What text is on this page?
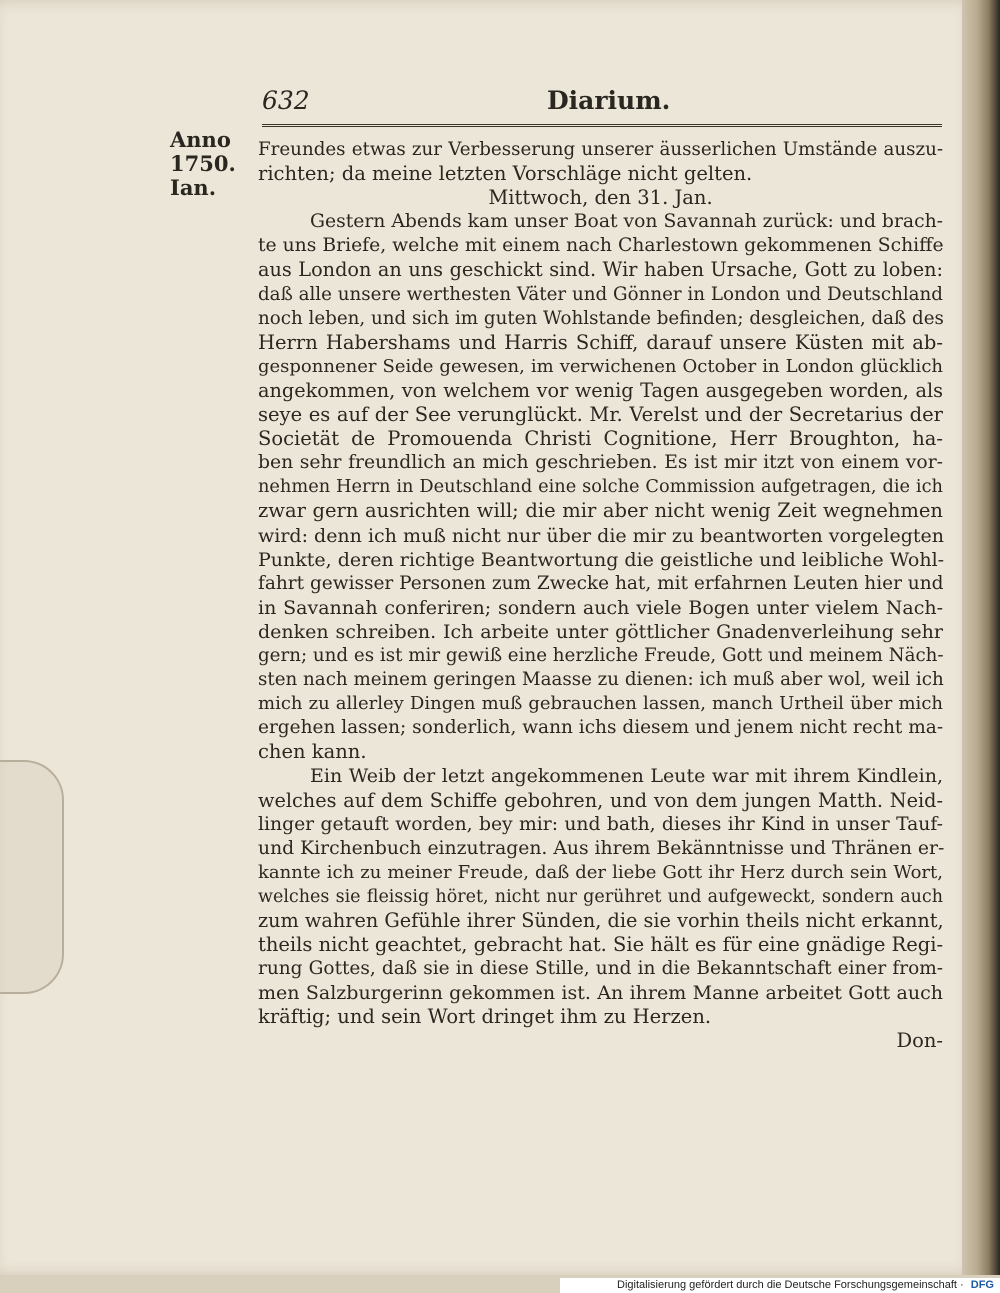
632	Diarium.
Anno
1750.
Ian.
Freundes etwas zur Verbesserung unserer äusserlichen Umstände auszu-
richten; da meine letzten Vorschläge nicht gelten.
Mittwoch, den 31. Jan.
Gestern Abends kam unser Boat von Savannah zurück: und brach-
te uns Briefe, welche mit einem nach Charlestown gekommenen Schiffe
aus London an uns geschickt sind. Wir haben Ursache, Gott zu loben:
daß alle unsere werthesten Väter und Gönner in London und Deutschland
noch leben, und sich im guten Wohlstande befinden; desgleichen, daß des
Herrn Habershams und Harris Schiff, darauf unsere Küsten mit ab-
gesponnener Seide gewesen, im verwichenen October in London glücklich
angekommen, von welchem vor wenig Tagen ausgegeben worden, als
seye es auf der See verunglückt. Mr. Verelst und der Secretarius der
Societät de Promouenda Christi Cognitione, Herr Broughton, ha-
ben sehr freundlich an mich geschrieben. Es ist mir itzt von einem vor-
nehmen Herrn in Deutschland eine solche Commission aufgetragen, die ich
zwar gern ausrichten will; die mir aber nicht wenig Zeit wegnehmen
wird: denn ich muß nicht nur über die mir zu beantworten vorgelegten
Punkte, deren richtige Beantwortung die geistliche und leibliche Wohl-
fahrt gewisser Personen zum Zwecke hat, mit erfahrnen Leuten hier und
in Savannah conferiren; sondern auch viele Bogen unter vielem Nach-
denken schreiben. Ich arbeite unter göttlicher Gnadenverleihung sehr
gern; und es ist mir gewiß eine herzliche Freude, Gott und meinem Näch-
sten nach meinem geringen Maasse zu dienen: ich muß aber wol, weil ich
mich zu allerley Dingen muß gebrauchen lassen, manch Urtheil über mich
ergehen lassen; sonderlich, wann ichs diesem und jenem nicht recht ma-
chen kann.
Ein Weib der letzt angekommenen Leute war mit ihrem Kindlein,
welches auf dem Schiffe gebohren, und von dem jungen Matth. Neid-
linger getauft worden, bey mir: und bath, dieses ihr Kind in unser Tauf-
und Kirchenbuch einzutragen. Aus ihrem Bekänntnisse und Thränen er-
kannte ich zu meiner Freude, daß der liebe Gott ihr Herz durch sein Wort,
welches sie fleissig höret, nicht nur gerühret und aufgeweckt, sondern auch
zum wahren Gefühle ihrer Sünden, die sie vorhin theils nicht erkannt,
theils nicht geachtet, gebracht hat. Sie hält es für eine gnädige Regi-
rung Gottes, daß sie in diese Stille, und in die Bekanntschaft einer from-
men Salzburgerinn gekommen ist. An ihrem Manne arbeitet Gott auch
kräftig; und sein Wort dringet ihm zu Herzen.
Don-
Digitalisierung gefördert durch die Deutsche Forschungsgemeinschaft · DFG
